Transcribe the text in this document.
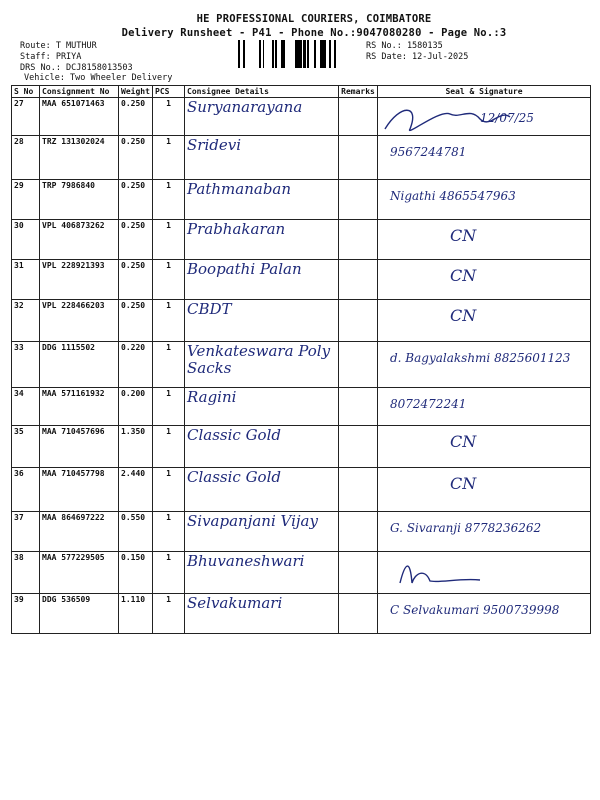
HE PROFESSIONAL COURIERS, COIMBATORE
Delivery Runsheet - P41 - Phone No.:9047080280 - Page No.:3
Route: T MUTHUR
Staff: PRIYA
DRS No.: DCJ8158013503
Vehicle: Two Wheeler Delivery
RS No.: 1580135
RS Date: 12-Jul-2025
S No	Consignment No	Weight	PCS	Consignee Details	Remarks	Seal & Signature
27	MAA 651071463	0.250	1	Suryanarayana		12/07/25

28	TRZ 131302024	0.250	1	Sridevi		9567244781

29	TRP 7986840	0.250	1	Pathmanaban		Nigathi 4865547963

30	VPL 406873262	0.250	1	Prabhakaran		CN

31	VPL 228921393	0.250	1	Boopathi Palan		CN

32	VPL 228466203	0.250	1	CBDT		CN

33	DDG 1115502	0.220	1	Venkateswara Poly Sacks		d. Bagyalakshmi 8825601123

34	MAA 571161932	0.200	1	Ragini		8072472241

35	MAA 710457696	1.350	1	Classic Gold		CN

36	MAA 710457798	2.440	1	Classic Gold		CN

37	MAA 864697222	0.550	1	Sivapanjani Vijay		G. Sivaranji 8778236262

38	MAA 577229505	0.150	1	Bhuvaneshwari		

39	DDG 536509	1.110	1	Selvakumari		C Selvakumari 9500739998
